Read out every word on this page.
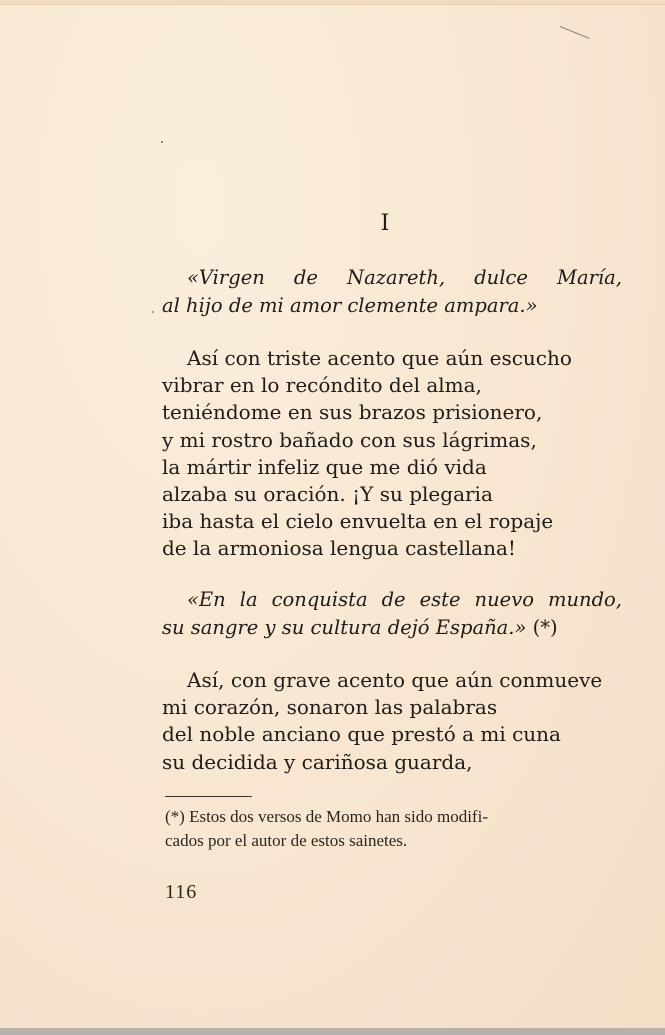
I
«Virgen de Nazareth, dulce María,
al hijo de mi amor clemente ampara.»
Así con triste acento que aún escucho
vibrar en lo recóndito del alma,
teniéndome en sus brazos prisionero,
y mi rostro bañado con sus lágrimas,
la mártir infeliz que me dió vida
alzaba su oración. ¡Y su plegaria
iba hasta el cielo envuelta en el ropaje
de la armoniosa lengua castellana!
«En la conquista de este nuevo mundo,
su sangre y su cultura dejó España.» (*)
Así, con grave acento que aún conmueve
mi corazón, sonaron las palabras
del noble anciano que prestó a mi cuna
su decidida y cariñosa guarda,
(*) Estos dos versos de Momo han sido modifi-
cados por el autor de estos sainetes.
116
